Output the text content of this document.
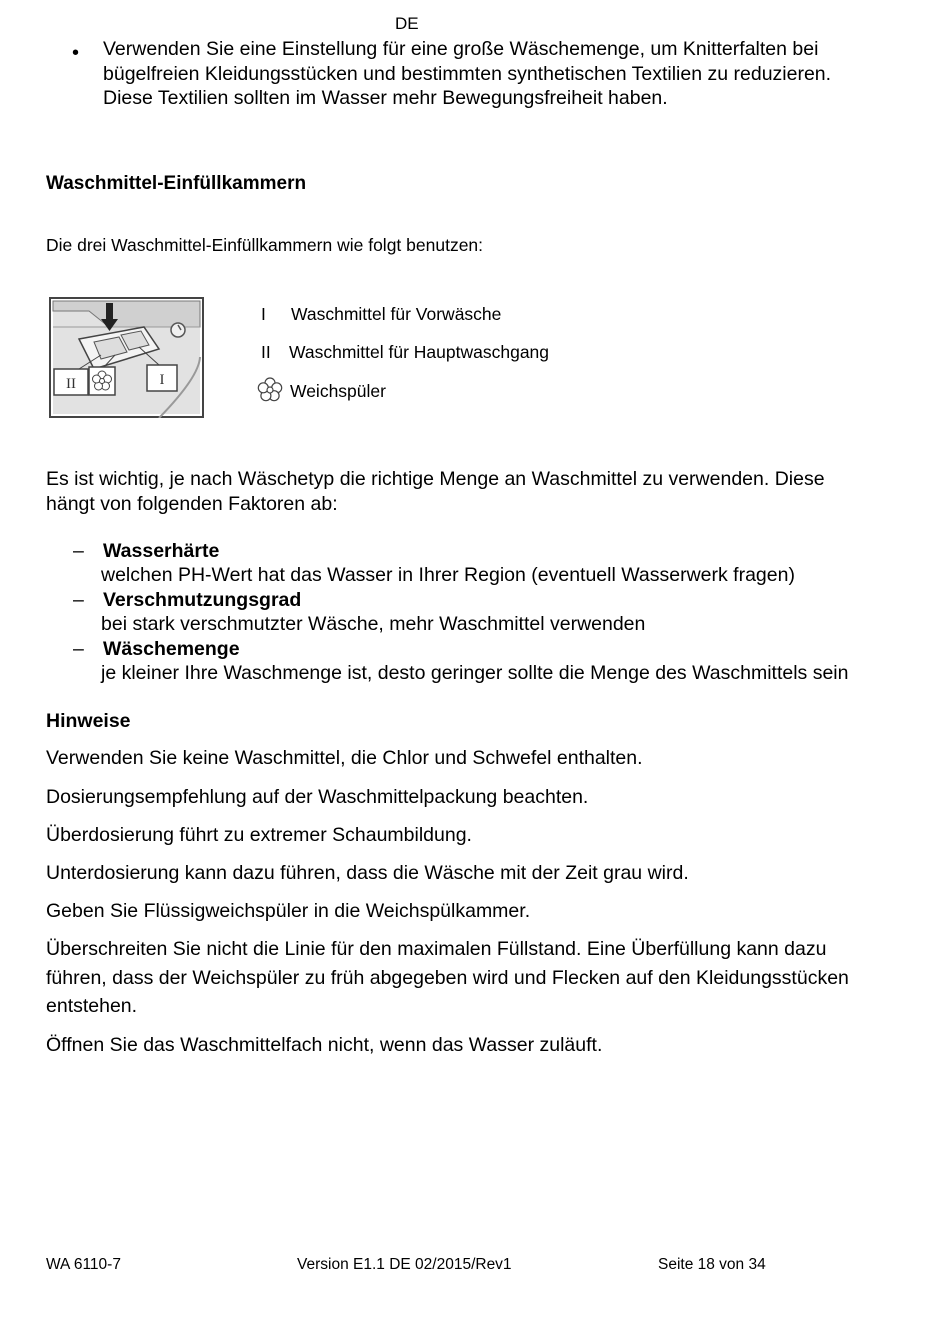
DE
• Verwenden Sie eine Einstellung für eine große Wäschemenge, um Knitterfalten bei
bügelfreien Kleidungsstücken und bestimmten synthetischen Textilien zu reduzieren.
Diese Textilien sollten im Wasser mehr Bewegungsfreiheit haben.
Waschmittel-Einfüllkammern
Die drei Waschmittel-Einfüllkammern wie folgt benutzen:
II	I
I Waschmittel für Vorwäsche
II Waschmittel für Hauptwaschgang
Weichspüler
Es ist wichtig, je nach Wäschetyp die richtige Menge an Waschmittel zu verwenden. Diese
hängt von folgenden Faktoren ab:
– Wasserhärte
welchen PH-Wert hat das Wasser in Ihrer Region (eventuell Wasserwerk fragen)
– Verschmutzungsgrad
bei stark verschmutzter Wäsche, mehr Waschmittel verwenden
– Wäschemenge
je kleiner Ihre Waschmenge ist, desto geringer sollte die Menge des Waschmittels sein
Hinweise
Verwenden Sie keine Waschmittel, die Chlor und Schwefel enthalten.
Dosierungsempfehlung auf der Waschmittelpackung beachten.
Überdosierung führt zu extremer Schaumbildung.
Unterdosierung kann dazu führen, dass die Wäsche mit der Zeit grau wird.
Geben Sie Flüssigweichspüler in die Weichspülkammer.
Überschreiten Sie nicht die Linie für den maximalen Füllstand. Eine Überfüllung kann dazu
führen, dass der Weichspüler zu früh abgegeben wird und Flecken auf den Kleidungsstücken
entstehen.
Öffnen Sie das Waschmittelfach nicht, wenn das Wasser zuläuft.
WA 6110-7	Version E1.1 DE 02/2015/Rev1	Seite 18 von 34
